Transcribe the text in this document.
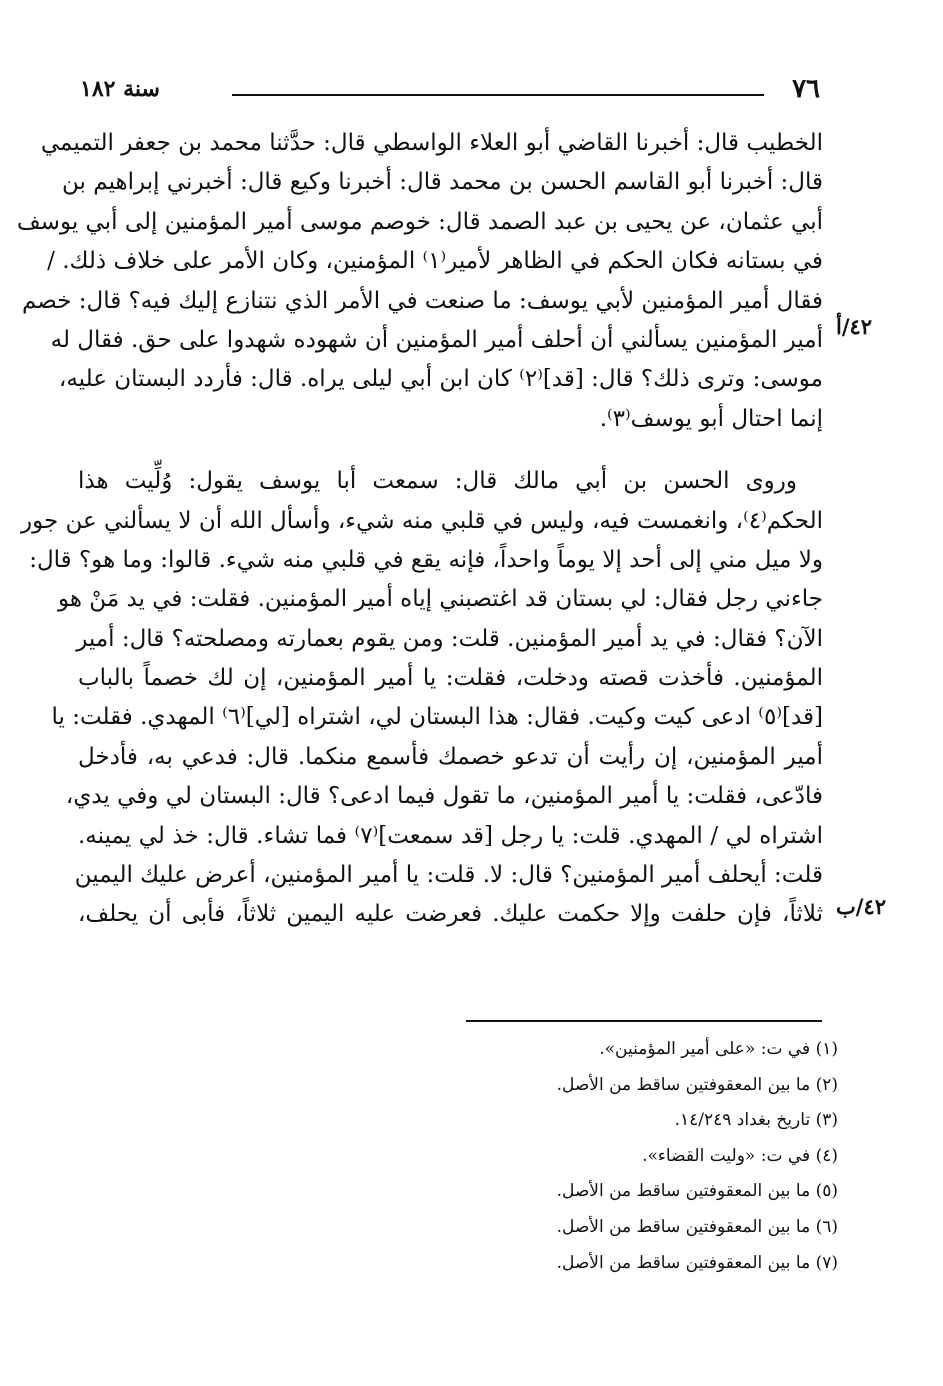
٧٦
سنة ١٨٢
٤٢/أ
٤٢/ب
الخطيب قال: أخبرنا القاضي أبو العلاء الواسطي قال: حدَّثنا محمد بن جعفر التميمي
قال: أخبرنا أبو القاسم الحسن بن محمد قال: أخبرنا وكيع قال: أخبرني إبراهيم بن
أبي عثمان، عن يحيى بن عبد الصمد قال: خوصم موسى أمير المؤمنين إلى أبي يوسف
في بستانه فكان الحكم في الظاهر لأمير⁽١⁾ المؤمنين، وكان الأمر على خلاف ذلك. /
فقال أمير المؤمنين لأبي يوسف: ما صنعت في الأمر الذي نتنازع إليك فيه؟ قال: خصم
أمير المؤمنين يسألني أن أحلف أمير المؤمنين أن شهوده شهدوا على حق. فقال له
موسى: وترى ذلك؟ قال: [قد]⁽٢⁾ كان ابن أبي ليلى يراه. قال: فأردد البستان عليه،
إنما احتال أبو يوسف⁽٣⁾.
وروى الحسن بن أبي مالك قال: سمعت أبا يوسف يقول: وُلِّيت هذا
الحكم⁽٤⁾، وانغمست فيه، وليس في قلبي منه شيء، وأسأل الله أن لا يسألني عن جور
ولا ميل مني إلى أحد إلا يوماً واحداً، فإنه يقع في قلبي منه شيء. قالوا: وما هو؟ قال:
جاءني رجل فقال: لي بستان قد اغتصبني إياه أمير المؤمنين. فقلت: في يد مَنْ هو
الآن؟ فقال: في يد أمير المؤمنين. قلت: ومن يقوم بعمارته ومصلحته؟ قال: أمير
المؤمنين. فأخذت قصته ودخلت، فقلت: يا أمير المؤمنين، إن لك خصماً بالباب
[قد]⁽٥⁾ ادعى كيت وكيت. فقال: هذا البستان لي، اشتراه [لي]⁽٦⁾ المهدي. فقلت: يا
أمير المؤمنين، إن رأيت أن تدعو خصمك فأسمع منكما. قال: فدعي به، فأدخل
فادّعى، فقلت: يا أمير المؤمنين، ما تقول فيما ادعى؟ قال: البستان لي وفي يدي،
اشتراه لي / المهدي. قلت: يا رجل [قد سمعت]⁽٧⁾ فما تشاء. قال: خذ لي يمينه.
قلت: أيحلف أمير المؤمنين؟ قال: لا. قلت: يا أمير المؤمنين، أعرض عليك اليمين
ثلاثاً، فإن حلفت وإلا حكمت عليك. فعرضت عليه اليمين ثلاثاً، فأبى أن يحلف،
(١) في ت: «على أمير المؤمنين».
(٢) ما بين المعقوفتين ساقط من الأصل.
(٣) تاريخ بغداد ١٤/٢٤٩.
(٤) في ت: «وليت القضاء».
(٥) ما بين المعقوفتين ساقط من الأصل.
(٦) ما بين المعقوفتين ساقط من الأصل.
(٧) ما بين المعقوفتين ساقط من الأصل.
